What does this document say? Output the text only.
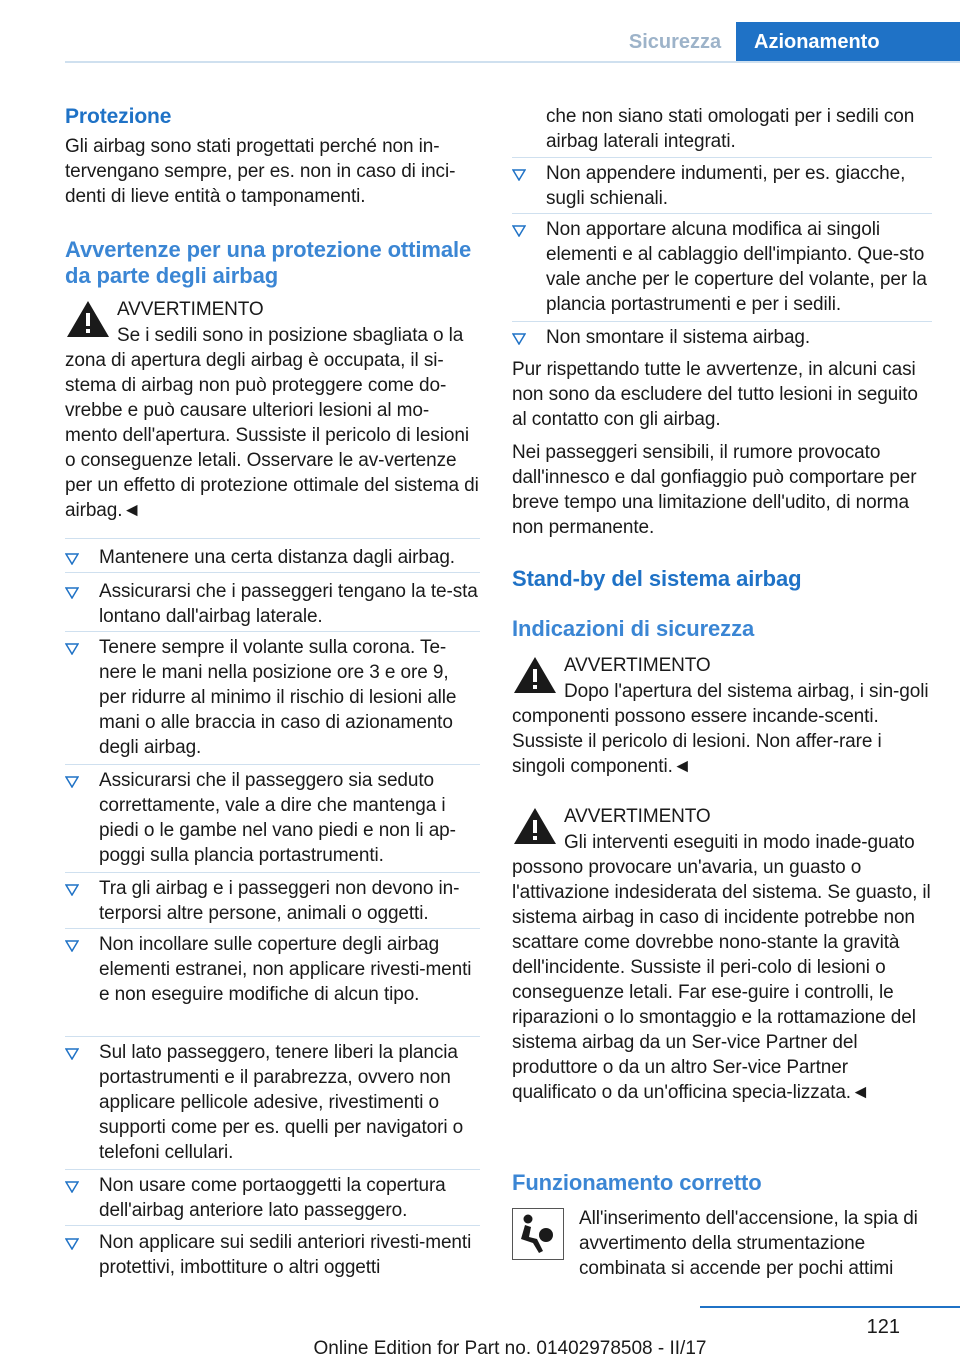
Sicurezza	Azionamento
Protezione

Gli airbag sono stati progettati perché non in-tervengano sempre, per es. non in caso di inci-denti di lieve entità o tamponamenti.

Avvertenze per una protezione ottimale da parte degli airbag
AVVERTIMENTO

Se i sedili sono in posizione sbagliata o la zona di apertura degli airbag è occupata, il si-stema di airbag non può proteggere come do-vrebbe e può causare ulteriori lesioni al mo-mento dell'apertura. Sussiste il pericolo di lesioni o conseguenze letali. Osservare le av-vertenze per un effetto di protezione ottimale del sistema di airbag.◄

Mantenere una certa distanza dagli airbag.
Assicurarsi che i passeggeri tengano la te-sta lontano dall'airbag laterale.
Tenere sempre il volante sulla corona. Te-nere le mani nella posizione ore 3 e ore 9, per ridurre al minimo il rischio di lesioni alle mani o alle braccia in caso di azionamento degli airbag.
Assicurarsi che il passeggero sia seduto correttamente, vale a dire che mantenga i piedi o le gambe nel vano piedi e non li ap-poggi sulla plancia portastrumenti.
Tra gli airbag e i passeggeri non devono in-terporsi altre persone, animali o oggetti.
Non incollare sulle coperture degli airbag elementi estranei, non applicare rivesti-menti e non eseguire modifiche di alcun tipo.
Sul lato passeggero, tenere liberi la plancia portastrumenti e il parabrezza, ovvero non applicare pellicole adesive, rivestimenti o supporti come per es. quelli per navigatori o telefoni cellulari.
Non usare come portaoggetti la copertura dell'airbag anteriore lato passeggero.
Non applicare sui sedili anteriori rivesti-menti protettivi, imbottiture o altri oggetti
che non siano stati omologati per i sedili con airbag laterali integrati.
Non appendere indumenti, per es. giacche, sugli schienali.
Non apportare alcuna modifica ai singoli elementi e al cablaggio dell'impianto. Que-sto vale anche per le coperture del volante, per la plancia portastrumenti e per i sedili.
Non smontare il sistema airbag.

Pur rispettando tutte le avvertenze, in alcuni casi non sono da escludere del tutto lesioni in seguito al contatto con gli airbag.

Nei passeggeri sensibili, il rumore provocato dall'innesco e dal gonfiaggio può comportare per breve tempo una limitazione dell'udito, di norma non permanente.

Stand-by del sistema airbag
Indicazioni di sicurezza
AVVERTIMENTO

Dopo l'apertura del sistema airbag, i sin-goli componenti possono essere incande-scenti. Sussiste il pericolo di lesioni. Non affer-rare i singoli componenti.◄

AVVERTIMENTO

Gli interventi eseguiti in modo inade-guato possono provocare un'avaria, un guasto o l'attivazione indesiderata del sistema. Se guasto, il sistema airbag in caso di incidente potrebbe non scattare come dovrebbe nono-stante la gravità dell'incidente. Sussiste il peri-colo di lesioni o conseguenze letali. Far ese-guire i controlli, le riparazioni o lo smontaggio e la rottamazione del sistema airbag da un Ser-vice Partner del produttore o da un altro Ser-vice Partner qualificato o da un'officina specia-lizzata.◄

Funzionamento corretto

All'inserimento dell'accensione, la spia di avvertimento della strumentazione combinata si accende per pochi attimi

121
Online Edition for Part no. 01402978508 - II/17
